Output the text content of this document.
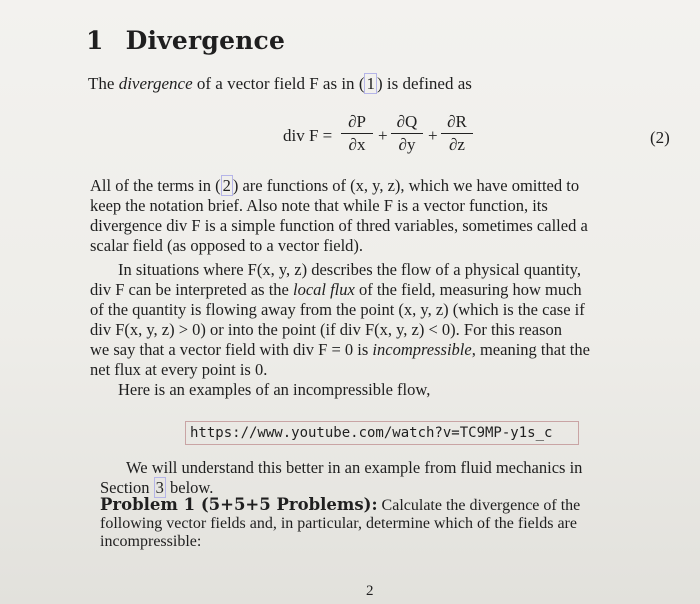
1 Divergence
The divergence of a vector field F as in ( 1 ) is defined as
div $F = \frac{\partial P}{\partial x} + \frac{\partial Q}{\partial y} + \frac{\partial R}{\partial z}$	(2)
All of the terms in ( 2 ) are functions of (x, y, z), which we have omitted to
keep the notation brief. Also note that while F is a vector function, its
divergence div F is a simple function of thred variables, sometimes called a
scalar field (as opposed to a vector field).
In situations where F(x, y, z) describes the flow of a physical quantity,
div F can be interpreted as the local flux of the field, measuring how much
of the quantity is flowing away from the point (x, y, z) (which is the case if
div F(x, y, z) > 0) or into the point (if div F(x, y, z) < 0). For this reason
we say that a vector field with div F = 0 is incompressible, meaning that the
net flux at every point is 0.
Here is an examples of an incompressible flow,
https://www.youtube.com/watch?v=TC9MP-y1s_c
We will understand this better in an example from fluid mechanics in
Section 3 below.
Problem 1 (5+5+5 Problems): Calculate the divergence of the
following vector fields and, in particular, determine which of the fields are
incompressible:
2
